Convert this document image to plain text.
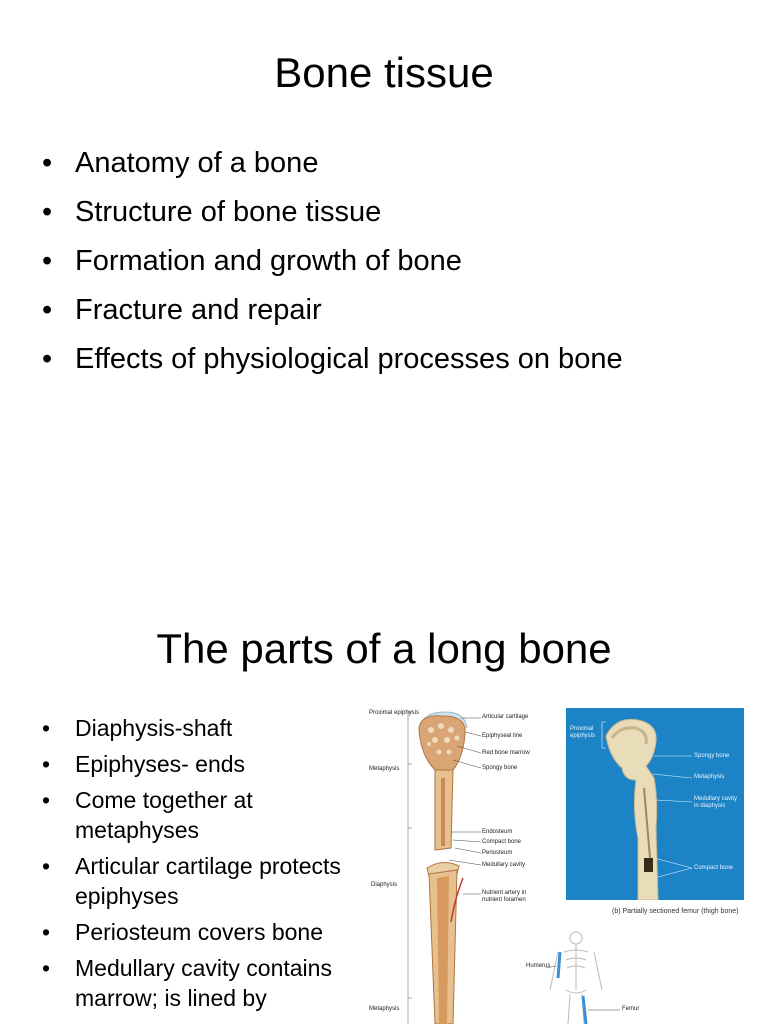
Bone tissue
• Anatomy of a bone
• Structure of bone tissue
• Formation and growth of bone
• Fracture and repair
• Effects of physiological processes on bone
The parts of a long bone
• Diaphysis-shaft
• Epiphyses- ends
• Come together at metaphyses
• Articular cartilage protects epiphyses
• Periosteum covers bone
• Medullary cavity contains marrow; is lined by
Proximal epiphysis
Metaphysis
Diaphysis
Metaphysis
Articular cartilage
Epiphyseal line
Red bone marrow
Spongy bone
Endosteum
Compact bone
Periosteum
Medullary cavity
Nutrient artery in nutrient foramen
Proximal epiphysis
Spongy bone
Metaphysis
Medullary cavity in diaphysis
Compact bone
(b) Partially sectioned femur (thigh bone)
Humerus
Femur
